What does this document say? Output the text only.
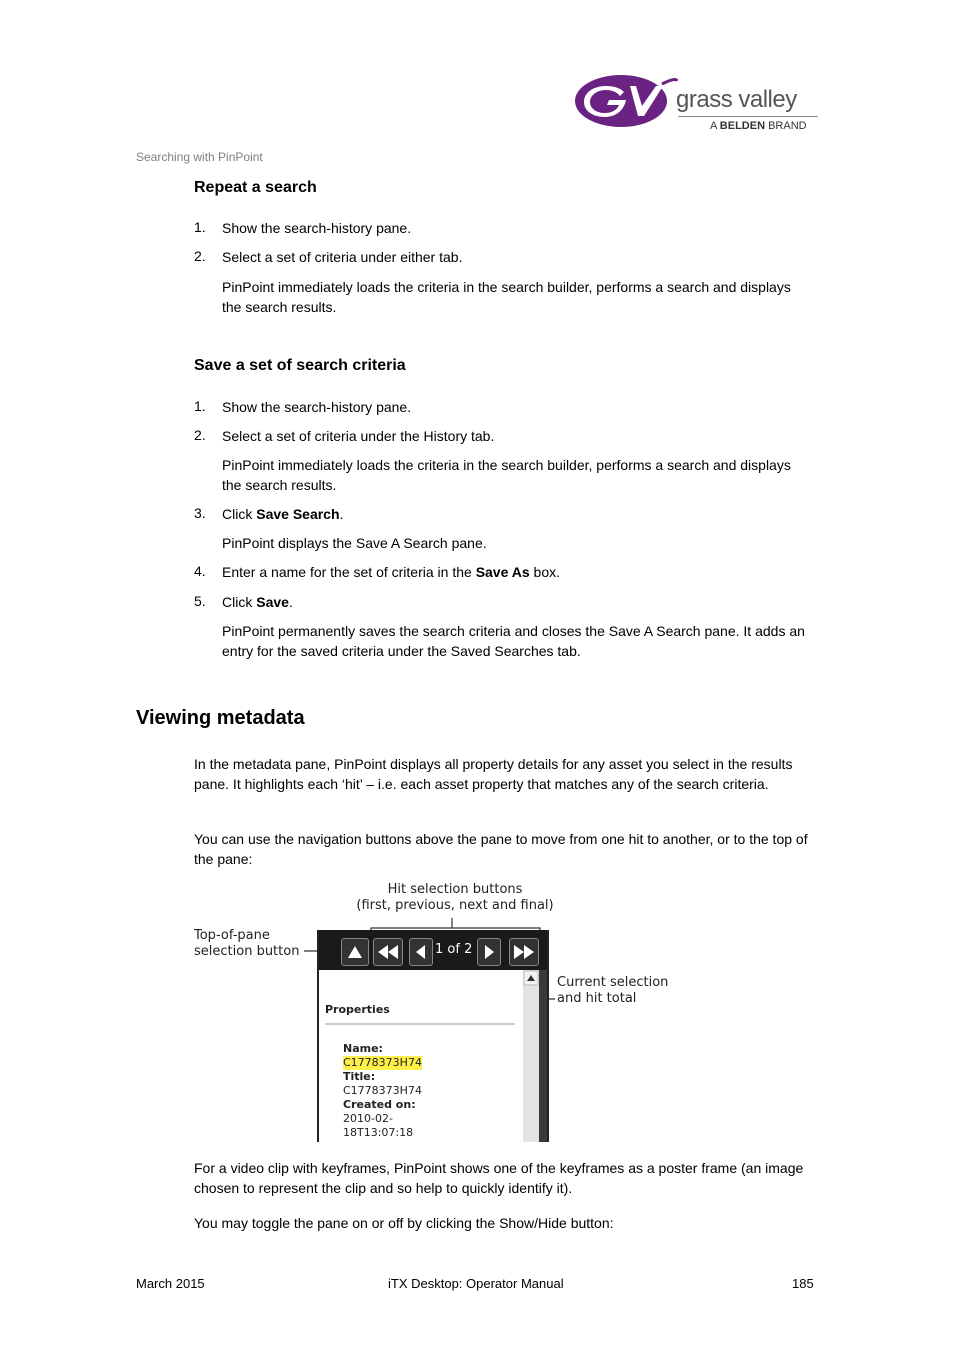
grass valley
A BELDEN BRAND
Searching with PinPoint
Repeat a search
1. Show the search-history pane.
2. Select a set of criteria under either tab.
PinPoint immediately loads the criteria in the search builder, performs a search and displays the search results.
Save a set of search criteria
1. Show the search-history pane.
2. Select a set of criteria under the History tab.
PinPoint immediately loads the criteria in the search builder, performs a search and displays the search results.
3. Click Save Search.
PinPoint displays the Save A Search pane.
4. Enter a name for the set of criteria in the Save As box.
5. Click Save.
PinPoint permanently saves the search criteria and closes the Save A Search pane. It adds an entry for the saved criteria under the Saved Searches tab.
Viewing metadata
In the metadata pane, PinPoint displays all property details for any asset you select in the results pane. It highlights each ‘hit’ – i.e. each asset property that matches any of the search criteria.
You can use the navigation buttons above the pane to move from one hit to another, or to the top of the pane:
Hit selection buttons
(first, previous, next and final)
Top-of-pane
selection button
Current selection
and hit total
1 of 2
Properties
Name:
C1778373H74
Title:
C1778373H74
Created on:
2010-02-
18T13:07:18
For a video clip with keyframes, PinPoint shows one of the keyframes as a poster frame (an image chosen to represent the clip and so help to quickly identify it).
You may toggle the pane on or off by clicking the Show/Hide button:
March 2015	iTX Desktop: Operator Manual	185
